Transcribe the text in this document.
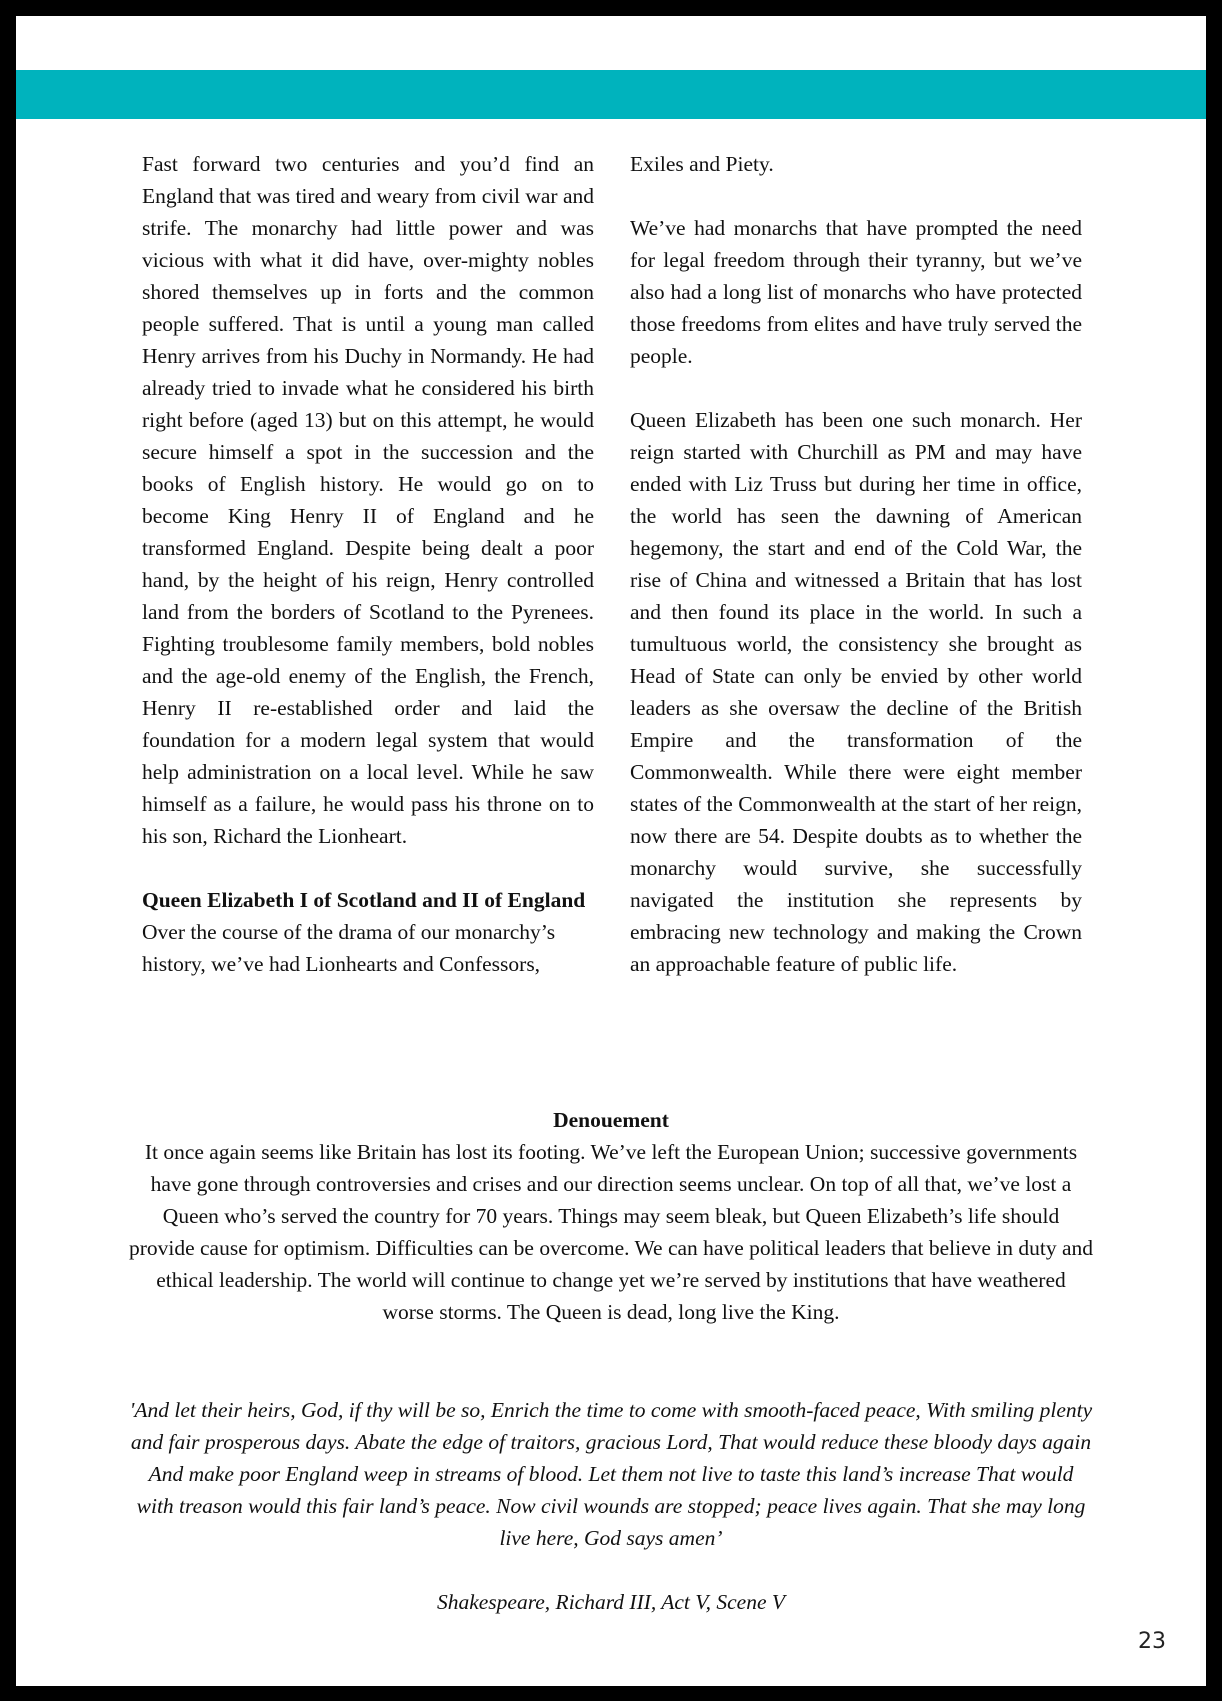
Fast forward two centuries and you’d find an England that was tired and weary from civil war and strife. The monarchy had little power and was vicious with what it did have, over-mighty nobles shored themselves up in forts and the common people suffered. That is until a young man called Henry arrives from his Duchy in Normandy. He had already tried to invade what he considered his birth right before (aged 13) but on this attempt, he would secure himself a spot in the succession and the books of English history. He would go on to become King Henry II of England and he transformed England. Despite being dealt a poor hand, by the height of his reign, Henry controlled land from the borders of Scotland to the Pyrenees. Fighting troublesome family members, bold nobles and the age-old enemy of the English, the French, Henry II re-established order and laid the foundation for a modern legal system that would help administration on a local level. While he saw himself as a failure, he would pass his throne on to his son, Richard the Lionheart.

Queen Elizabeth I of Scotland and II of England

Over the course of the drama of our monarchy’s history, we’ve had Lionhearts and Confessors,

Exiles and Piety.

We’ve had monarchs that have prompted the need for legal freedom through their tyranny, but we’ve also had a long list of monarchs who have protected those freedoms from elites and have truly served the people.

Queen Elizabeth has been one such monarch. Her reign started with Churchill as PM and may have ended with Liz Truss but during her time in office, the world has seen the dawning of American hegemony, the start and end of the Cold War, the rise of China and witnessed a Britain that has lost and then found its place in the world. In such a tumultuous world, the consistency she brought as Head of State can only be envied by other world leaders as she oversaw the decline of the British Empire and the transformation of the Commonwealth. While there were eight member states of the Commonwealth at the start of her reign, now there are 54. Despite doubts as to whether the monarchy would survive, she successfully navigated the institution she represents by embracing new technology and making the Crown an approachable feature of public life.

Denouement

It once again seems like Britain has lost its footing. We’ve left the European Union; successive governments have gone through controversies and crises and our direction seems unclear. On top of all that, we’ve lost a Queen who’s served the country for 70 years. Things may seem bleak, but Queen Elizabeth’s life should provide cause for optimism. Difficulties can be overcome. We can have political leaders that believe in duty and ethical leadership. The world will continue to change yet we’re served by institutions that have weathered worse storms. The Queen is dead, long live the King.

'And let their heirs, God, if thy will be so, Enrich the time to come with smooth-faced peace, With smiling plenty and fair prosperous days. Abate the edge of traitors, gracious Lord, That would reduce these bloody days again And make poor England weep in streams of blood. Let them not live to taste this land’s increase That would with treason would this fair land’s peace. Now civil wounds are stopped; peace lives again. That she may long live here, God says amen’

Shakespeare, Richard III, Act V, Scene V

23
